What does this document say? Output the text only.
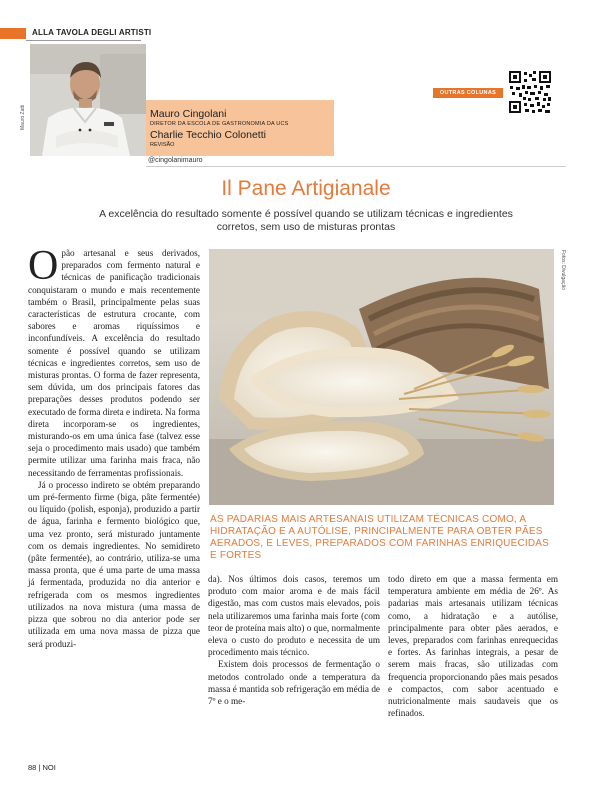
ALLA TAVOLA DEGLI ARTISTI
Mauro Zatti	Mauro Cingolani
DIRETOR DA ESCOLA DE GASTRONOMIA DA UCS
Charlie Tecchio Colonetti
REVISÃO
@cingolanimauro
OUTRAS COLUNAS
Il Pane Artigianale
A excelência do resultado somente é possível quando se utilizam técnicas e ingredientes corretos, sem uso de misturas prontas

Opão artesanal e seus derivados, preparados com fermento natural e técnicas de panificação tradicionais conquistaram o mundo e mais recentemente também o Brasil, principalmente pelas suas características de estrutura crocante, com sabores e aromas riquíssimos e inconfundíveis. A excelência do resultado somente é possível quando se utilizam técnicas e ingredientes corretos, sem uso de misturas prontas. O forma de fazer representa, sem dúvida, um dos principais fatores das preparações desses produtos podendo ser executado de forma direta e indireta. Na forma direta incorporam-se os ingredientes, misturando-os em uma única fase (talvez esse seja o procedimento mais usado) que também permite utilizar uma farinha mais fraca, não necessitando de ferramentas profissionais.

Já o processo indireto se obtém preparando um pré-fermento firme (biga, pâte fermentée) ou líquido (polish, esponja), produzido a partir de água, farinha e fermento biológico que, uma vez pronto, será misturado juntamente com os demais ingredientes. No semidireto (pâte fermentée), ao contrário, utiliza-se uma massa pronta, que é uma parte de uma massa já fermentada, produzida no dia anterior e refrigerada com os mesmos ingredientes utilizados na nova mistura (uma massa de pizza que sobrou no dia anterior pode ser utilizada em uma nova massa de pizza que será produzi-

Fotos: Divulgação
AS PADARIAS MAIS ARTESANAIS UTILIZAM TÉCNICAS COMO, A HIDRATAÇÃO E A AUTÓLISE, PRINCIPALMENTE PARA OBTER PÃES AERADOS, E LEVES, PREPARADOS COM FARINHAS ENRIQUECIDAS E FORTES

da). Nos últimos dois casos, teremos um produto com maior aroma e de mais fácil digestão, mas com custos mais elevados, pois nela utilizaremos uma farinha mais forte (com teor de proteína mais alto) o que, normalmente eleva o custo do produto e necessita de um procedimento mais técnico.

Existem dois processos de fermentação o metodos controlado onde a temperatura da massa é mantida sob refrigeração em média de 7º e o me-

todo direto em que a massa fermenta em temperatura ambiente em média de 26º. As padarias mais artesanais utilizam técnicas como, a hidratação e a autólise, principalmente para obter pães aerados, e leves, preparados com farinhas enrequecidas e fortes. As farinhas integrais, a pesar de serem mais fracas, são utilizadas com frequencia proporcionando pães mais pesados e compactos, com sabor acentuado e nutricionalmente mais saudaveis que os refinados.

88 | NOI
